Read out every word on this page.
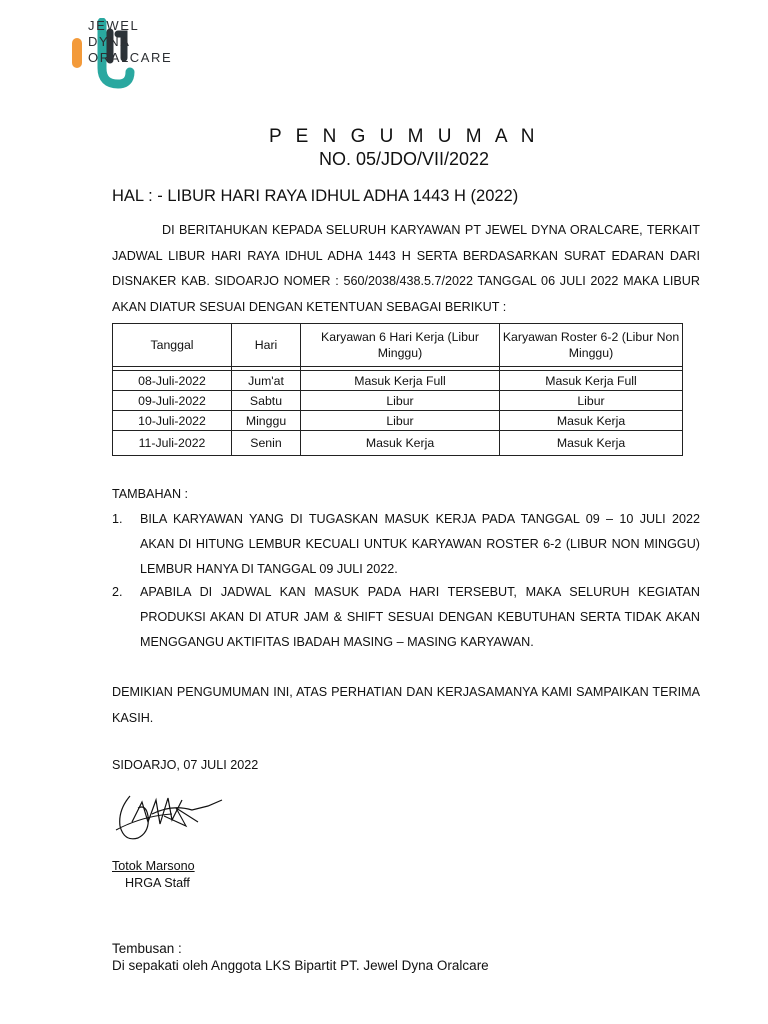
JEWEL
DYNA
ORALCARE
P E N G U M U M A N
NO. 05/JDO/VII/2022
HAL : - LIBUR HARI RAYA IDHUL ADHA 1443 H (2022)
DI BERITAHUKAN KEPADA SELURUH KARYAWAN PT JEWEL DYNA ORALCARE, TERKAIT JADWAL LIBUR HARI RAYA IDHUL ADHA 1443 H SERTA BERDASARKAN SURAT EDARAN DARI DISNAKER KAB. SIDOARJO NOMER : 560/2038/438.5.7/2022 TANGGAL 06 JULI 2022 MAKA LIBUR AKAN DIATUR SESUAI DENGAN KETENTUAN SEBAGAI BERIKUT :
Tanggal	Hari	Karyawan 6 Hari Kerja (Libur Minggu)	Karyawan Roster 6-2 (Libur Non Minggu)

08-Juli-2022	Jum'at	Masuk Kerja Full	Masuk Kerja Full
09-Juli-2022	Sabtu	Libur	Libur
10-Juli-2022	Minggu	Libur	Masuk Kerja
11-Juli-2022	Senin	Masuk Kerja	Masuk Kerja
TAMBAHAN :
1. BILA KARYAWAN YANG DI TUGASKAN MASUK KERJA PADA TANGGAL 09 – 10 JULI 2022 AKAN DI HITUNG LEMBUR KECUALI UNTUK KARYAWAN ROSTER 6-2 (LIBUR NON MINGGU) LEMBUR HANYA DI TANGGAL 09 JULI 2022.
2. APABILA DI JADWAL KAN MASUK PADA HARI TERSEBUT, MAKA SELURUH KEGIATAN PRODUKSI AKAN DI ATUR JAM & SHIFT SESUAI DENGAN KEBUTUHAN SERTA TIDAK AKAN MENGGANGU AKTIFITAS IBADAH MASING – MASING KARYAWAN.
DEMIKIAN PENGUMUMAN INI, ATAS PERHATIAN DAN KERJASAMANYA KAMI SAMPAIKAN TERIMA KASIH.
SIDOARJO, 07 JULI 2022
Totok Marsono
HRGA Staff
Tembusan :
Di sepakati oleh Anggota LKS Bipartit PT. Jewel Dyna Oralcare
